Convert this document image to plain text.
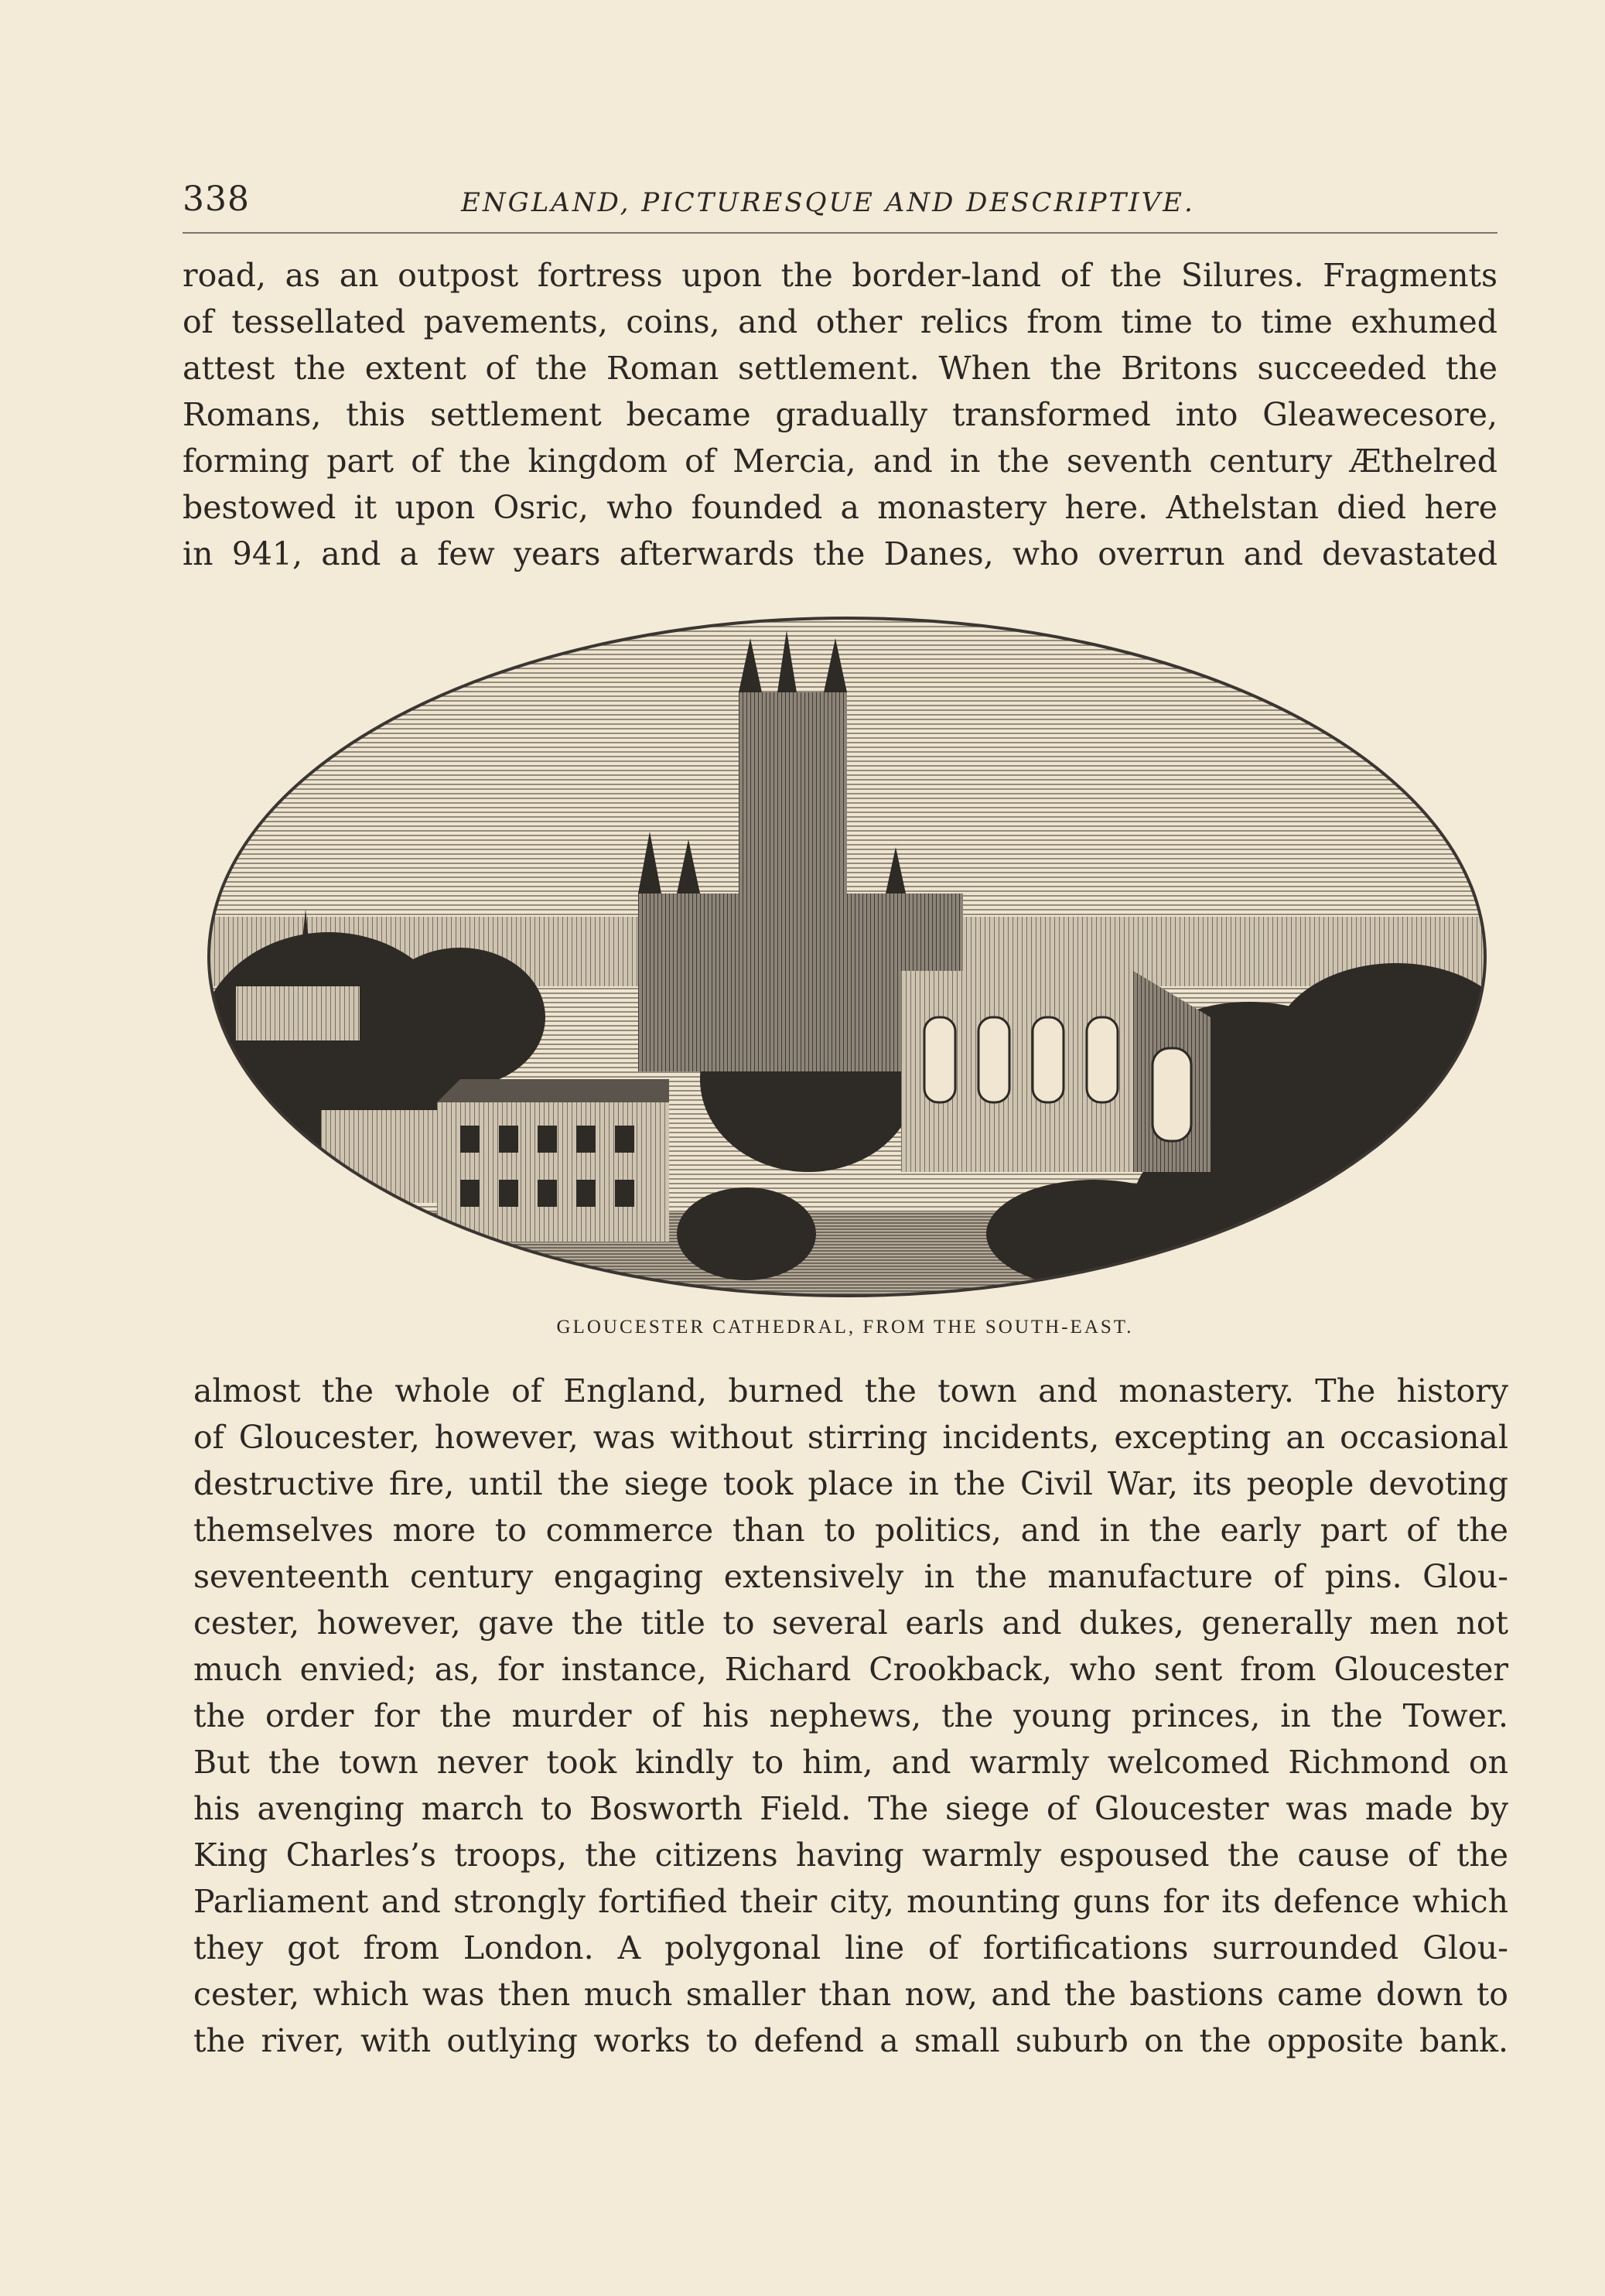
338	ENGLAND, PICTURESQUE AND DESCRIPTIVE.
road, as an outpost fortress upon the border-land of the Silures. Fragments
of tessellated pavements, coins, and other relics from time to time exhumed
attest the extent of the Roman settlement. When the Britons succeeded the
Romans, this settlement became gradually transformed into Gleawecesore,
forming part of the kingdom of Mercia, and in the seventh century Æthelred
bestowed it upon Osric, who founded a monastery here. Athelstan died here
in 941, and a few years afterwards the Danes, who overrun and devastated
GLOUCESTER CATHEDRAL, FROM THE SOUTH-EAST.
almost the whole of England, burned the town and monastery. The history
of Gloucester, however, was without stirring incidents, excepting an occasional
destructive fire, until the siege took place in the Civil War, its people devoting
themselves more to commerce than to politics, and in the early part of the
seventeenth century engaging extensively in the manufacture of pins. Glou-
cester, however, gave the title to several earls and dukes, generally men not
much envied; as, for instance, Richard Crookback, who sent from Gloucester
the order for the murder of his nephews, the young princes, in the Tower.
But the town never took kindly to him, and warmly welcomed Richmond on
his avenging march to Bosworth Field. The siege of Gloucester was made by
King Charles’s troops, the citizens having warmly espoused the cause of the
Parliament and strongly fortified their city, mounting guns for its defence which
they got from London. A polygonal line of fortifications surrounded Glou-
cester, which was then much smaller than now, and the bastions came down to
the river, with outlying works to defend a small suburb on the opposite bank.
